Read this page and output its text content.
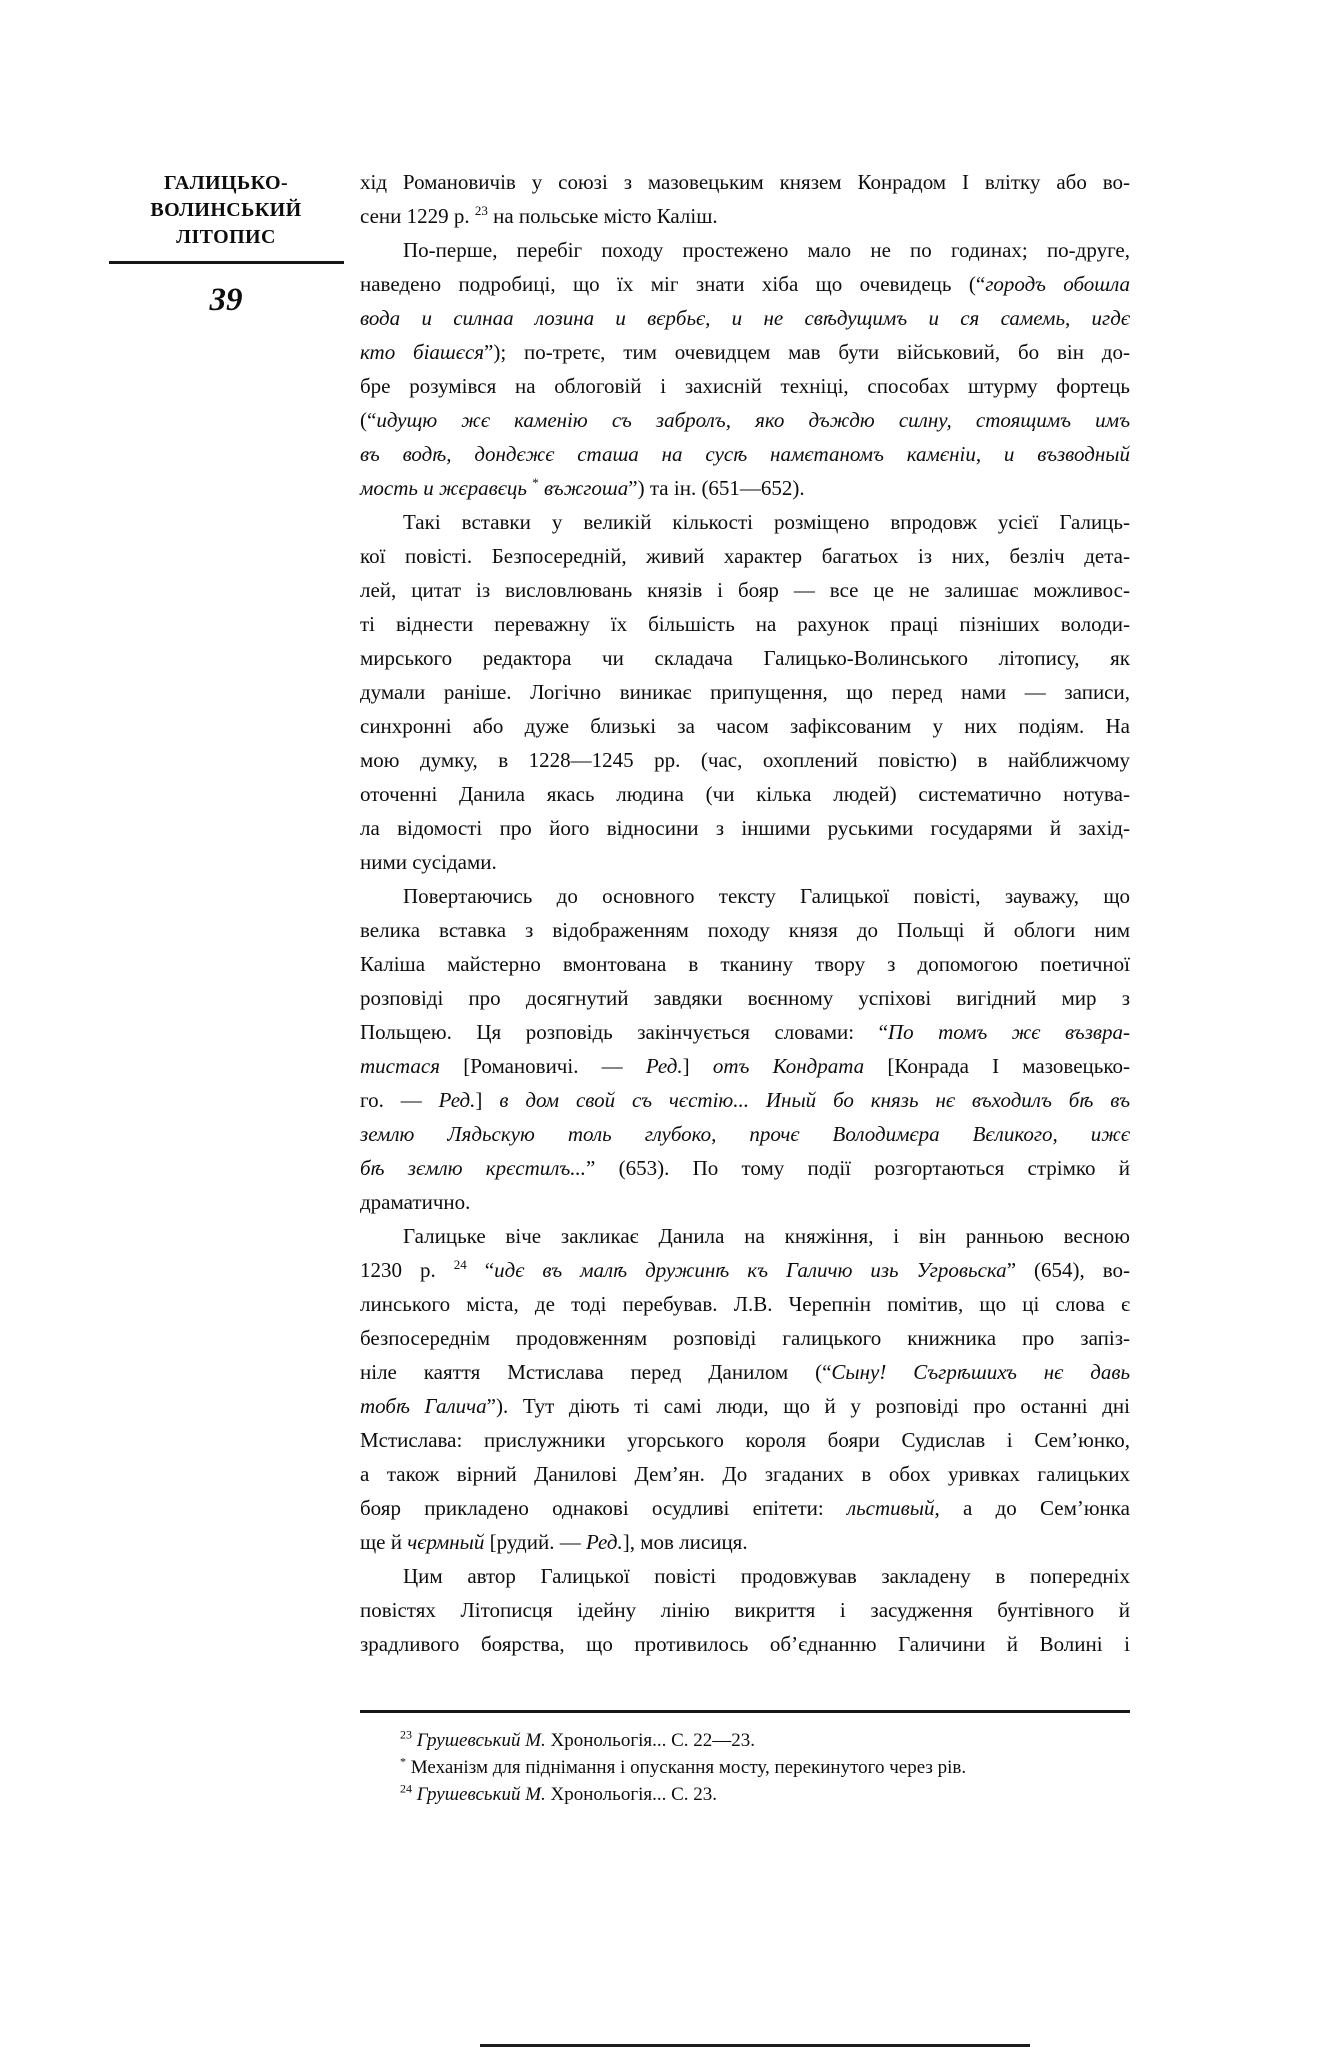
ГАЛИЦЬКО-
ВОЛИНСЬКИЙ
ЛІТОПИС
39
хід Романовичів у союзі з мазовецьким князем Конрадом І влітку або во-
сени 1229 р. $^{23}$ на польське місто Каліш.
По-перше, перебіг походу простежено мало не по годинах; по-друге,
наведено подробиці, що їх міг знати хіба що очевидець (“городъ обошла
вода и силнаа лозина и вєрбьє, и не свѣдущимъ и ся самемь, игдє
кто біашєся”); по-третє, тим очевидцем мав бути військовий, бо він до-
бре розумівся на облоговій і захисній техніці, способах штурму фортець
(“идущю жє каменію съ забролъ, яко дъждю силну, стоящимъ имъ
въ водѣ, дондєжє сташа на сусѣ намєтаномъ камєніи, и възводный
мость и жєравєць * въжгоша”) та ін. (651—652).
Такі вставки у великій кількості розміщено впродовж усієї Галиць-
кої повісті. Безпосередній, живий характер багатьох із них, безліч дета-
лей, цитат із висловлювань князів і бояр — все це не залишає можливос-
ті віднести переважну їх більшість на рахунок праці пізніших володи-
мирського редактора чи складача Галицько-Волинського літопису, як
думали раніше. Логічно виникає припущення, що перед нами — записи,
синхронні або дуже близькі за часом зафіксованим у них подіям. На
мою думку, в 1228—1245 рр. (час, охоплений повістю) в найближчому
оточенні Данила якась людина (чи кілька людей) систематично нотува-
ла відомості про його відносини з іншими руськими государями й захід-
ними сусідами.
Повертаючись до основного тексту Галицької повісті, зауважу, що
велика вставка з відображенням походу князя до Польщі й облоги ним
Каліша майстерно вмонтована в тканину твору з допомогою поетичної
розповіді про досягнутий завдяки воєнному успіхові вигідний мир з
Польщею. Ця розповідь закінчується словами: “По томъ жє възвра-
тистася [Романовичі. — Ред.] отъ Кондрата [Конрада І мазовецько-
го. — Ред.] в дом свой съ чєстію... Иный бо князь нє въходилъ бѣ въ
землю Лядьскую толь глубоко, прочє Володимєра Вєликого, ижє
бѣ зємлю крєстилъ...” (653). По тому події розгортаються стрімко й
драматично.
Галицьке віче закликає Данила на княжіння, і він ранньою весною
1230 р. $^{24}$ “идє въ малѣ дружинѣ къ Галичю изь Угровьска” (654), во-
линського міста, де тоді перебував. Л.В. Черепнін помітив, що ці слова є
безпосереднім продовженням розповіді галицького книжника про запіз-
ніле каяття Мстислава перед Данилом (“Сыну! Съгрѣшихъ нє давь
тобѣ Галича”). Тут діють ті самі люди, що й у розповіді про останні дні
Мстислава: прислужники угорського короля бояри Судислав і Сем’юнко,
а також вірний Данилові Дем’ян. До згаданих в обох уривках галицьких
бояр прикладено однакові осудливі епітети: льстивый, а до Сем’юнка
ще й чєрмный [рудий. — Ред.], мов лисиця.
Цим автор Галицької повісті продовжував закладену в попередніх
повістях Літописця ідейну лінію викриття і засудження бунтівного й
зрадливого боярства, що противилось об’єднанню Галичини й Волині і
$^{23}$ Грушевський М. Хронольогія... С. 22—23.
* Механізм для піднімання і опускання мосту, перекинутого через рів.
$^{24}$ Грушевський М. Хронольогія... С. 23.
